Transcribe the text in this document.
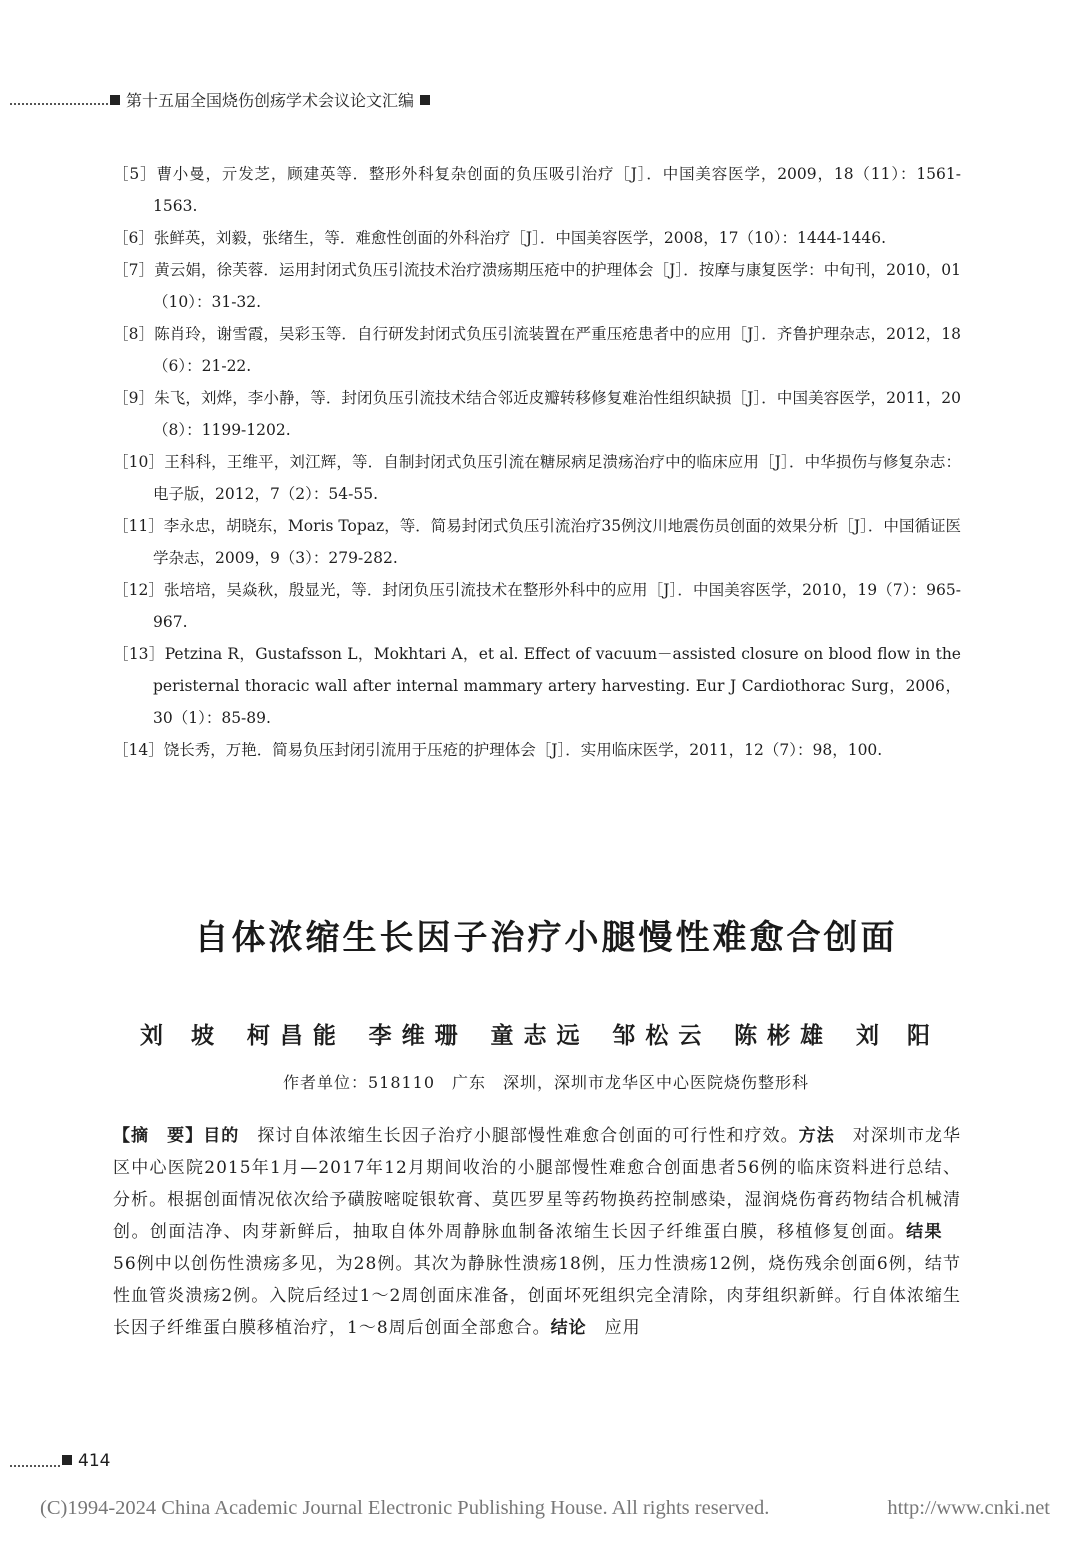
第十五届全国烧伤创疡学术会议论文汇编
［5］曹小曼，亓发芝，顾建英等．整形外科复杂创面的负压吸引治疗［J］．中国美容医学，2009，18（11）：1561-1563.
［6］张鲜英，刘毅，张绪生，等．难愈性创面的外科治疗［J］．中国美容医学，2008，17（10）：1444-1446.
［7］黄云娟，徐芙蓉．运用封闭式负压引流技术治疗溃疡期压疮中的护理体会［J］．按摩与康复医学：中旬刊，2010，01（10）：31-32.
［8］陈肖玲，谢雪霞，吴彩玉等．自行研发封闭式负压引流装置在严重压疮患者中的应用［J］．齐鲁护理杂志，2012，18（6）：21-22.
［9］朱飞，刘烨，李小静，等．封闭负压引流技术结合邻近皮瓣转移修复难治性组织缺损［J］．中国美容医学，2011，20（8）：1199-1202.
［10］王科科，王维平，刘江辉，等．自制封闭式负压引流在糖尿病足溃疡治疗中的临床应用［J］．中华损伤与修复杂志：电子版，2012，7（2）：54-55.
［11］李永忠，胡晓东，Moris Topaz，等．简易封闭式负压引流治疗35例汶川地震伤员创面的效果分析［J］．中国循证医学杂志，2009，9（3）：279-282.
［12］张培培，吴焱秋，殷显光，等．封闭负压引流技术在整形外科中的应用［J］．中国美容医学，2010，19（7）：965-967.
［13］Petzina R，Gustafsson L，Mokhtari A，et al. Effect of vacuum－assisted closure on blood flow in the peristernal thoracic wall after internal mammary artery harvesting. Eur J Cardiothorac Surg，2006，30（1）：85-89.
［14］饶长秀，万艳．简易负压封闭引流用于压疮的护理体会［J］．实用临床医学，2011，12（7）：98，100.
自体浓缩生长因子治疗小腿慢性难愈合创面
刘 坡 柯昌能 李维珊 童志远 邹松云 陈彬雄 刘 阳
作者单位：518110　广东　深圳，深圳市龙华区中心医院烧伤整形科
【摘　要】目的　探讨自体浓缩生长因子治疗小腿部慢性难愈合创面的可行性和疗效。方法　对深圳市龙华区中心医院2015年1月—2017年12月期间收治的小腿部慢性难愈合创面患者56例的临床资料进行总结、分析。根据创面情况依次给予磺胺嘧啶银软膏、莫匹罗星等药物换药控制感染，湿润烧伤膏药物结合机械清创。创面洁净、肉芽新鲜后，抽取自体外周静脉血制备浓缩生长因子纤维蛋白膜，移植修复创面。结果　56例中以创伤性溃疡多见，为28例。其次为静脉性溃疡18例，压力性溃疡12例，烧伤残余创面6例，结节性血管炎溃疡2例。入院后经过1～2周创面床准备，创面坏死组织完全清除，肉芽组织新鲜。行自体浓缩生长因子纤维蛋白膜移植治疗，1～8周后创面全部愈合。结论　应用
414
(C)1994-2024 China Academic Journal Electronic Publishing House. All rights reserved.	http://www.cnki.net
